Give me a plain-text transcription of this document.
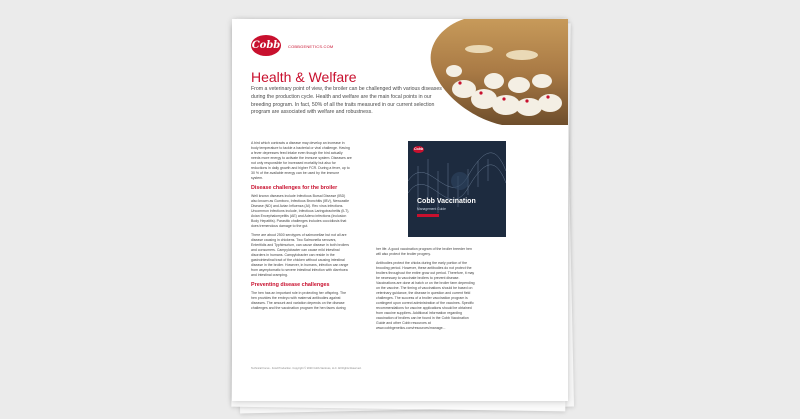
Cobb COBBGENETICS.COM
Health & Welfare
From a veterinary point of view, the broiler can be challenged with various diseases during the production cycle. Health and welfare are the main focal points in our breeding program. In fact, 50% of all the traits measured in our current selection program are associated with welfare and robustness.

A bird which contracts a disease may develop an increase in body temperature to tackle a bacterial or viral challenge. Having a fever depresses feed intake even though the bird actually needs more energy to activate the immune system. Diseases are not only responsible for increased mortality but also for reductions in daily growth and higher FCR. During a fever, up to 30 % of the available energy can be used by the immune system.

Disease challenges for the broiler

Well known diseases include Infectious Bursal Disease (IBD) also known as Gumboro, Infectious Bronchitis (IBV), Newcastle Disease (ND) and Avian Influenza (AI). Rec virus infections. Uncommon infections include, Infectious Laringotracheitis (ILT), Avian Encephalomyelitis (AE) and Adeno infections (Inclusion Body Hepatitis). Parasitic challenges includes coccidiosis that does tremendous damage to the gut.

There are about 2500 serotypes of salmonellae but not all are disease causing in chickens. Two Salmonella serovars, Enteritidis and Typhimurium, can cause disease in both broilers and consumers. Campylobacter can cause mild intestinal disorders in humans. Campylobacter can reside in the gastrointestinal tract of the chicken without causing intestinal disease in the broiler. However, in humans, infection can range from asymptomatic to severe intestinal infection with diarrhoea and intestinal cramping.

Preventing disease challenges

The hen has an important role in protecting her offspring. The hen provides the embryo with maternal antibodies against diseases. The amount and variation depends on the disease challenges and the vaccination program the hen faces during

Cobb
Cobb Vaccination
Management Guide

her life. A good vaccination program of the broiler breeder hen will also protect the broiler progeny.

Antibodies protect the chicks during the early portion of the brooding period. However, these antibodies do not protect the broilers throughout the entire grow out period. Therefore, it may be necessary to vaccinate broilers to prevent disease. Vaccinations are done at hatch or on the broiler farm depending on the vaccine. The timing of vaccinations should be based on veterinary guidance, the disease in question and current field challenges. The success of a broiler vaccination program is contingent upon correct administration of the vaccines. Specific recommendations for vaccine applications should be obtained from vaccine suppliers. Additional information regarding vaccination of broilers can be found in the Cobb Vaccination Guide and other Cobb resources at www.cobbgenetics.com/resources/manage...

Technical Focus - Food Production. Copyright © 2020 Cobb-Vantress, LLC. All Rights Reserved.
